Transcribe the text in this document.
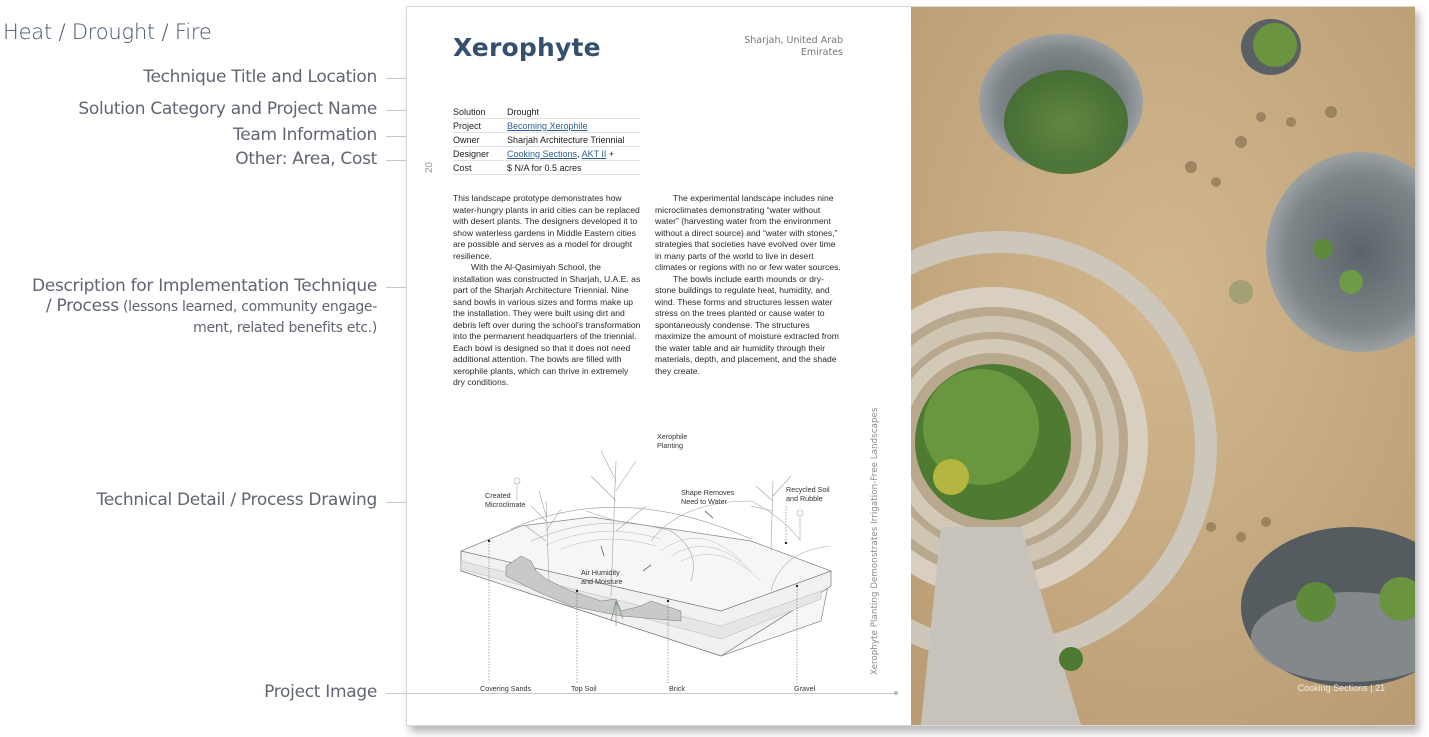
Heat / Drought / Fire
Technique Title and Location
Solution Category and Project Name
Team Information
Other: Area, Cost
Description for Implementation Technique
/ Process (lessons learned, community engage-
ment, related benefits etc.)
Technical Detail / Process Drawing
Project Image
Xerophyte	Sharjah, United Arab
Emirates
Solution	Drought
Project	Becoming Xerophile
Owner	Sharjah Architecture Triennial
Designer	Cooking Sections, AKT II +
Cost	$ N/A for 0.5 acres
20

This landscape prototype demonstrates how water-hungry plants in arid cities can be replaced with desert plants. The designers developed it to show waterless gardens in Middle Eastern cities are possible and serves as a model for drought resilience.

With the Al-Qasimiyah School, the installation was constructed in Sharjah, U.A.E. as part of the Sharjah Architecture Triennial. Nine sand bowls in various sizes and forms make up the installation. They were built using dirt and debris left over during the school's transformation into the permanent headquarters of the triennial. Each bowl is designed so that it does not need additional attention. The bowls are filled with xerophile plants, which can thrive in extremely dry conditions.

The experimental landscape includes nine microclimates demonstrating “water without water” (harvesting water from the environment without a direct source) and “water with stones,” strategies that societies have evolved over time in many parts of the world to live in desert climates or regions with no or few water sources.

The bowls include earth mounds or dry-stone buildings to regulate heat, humidity, and wind. These forms and structures lessen water stress on the trees planted or cause water to spontaneously condense. The structures maximize the amount of moisture extracted from the water table and air humidity through their materials, depth, and placement, and the shade they create.

Xerophile
Planting
Created
Microclimate
Shape Removes
Need to Water
Recycled Soil
and Rubble
Air Humidity
and Moisture
Covering Sands	Top Soil	Brick	Gravel
Xerophyte Planting Demonstrates Irrigation-Free Landscapes
Cooking Sections | 21
